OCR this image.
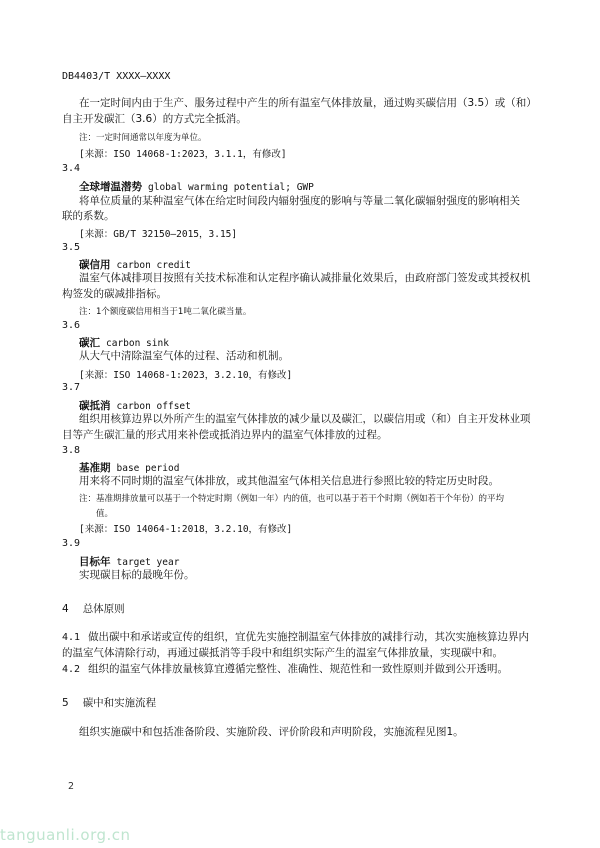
DB4403/T XXXX—XXXX
在一定时间内由于生产、服务过程中产生的所有温室气体排放量，通过购买碳信用（3.5）或（和）
自主开发碳汇（3.6）的方式完全抵消。
注：一定时间通常以年度为单位。
[来源：ISO 14068-1:2023，3.1.1，有修改]
3.4
全球增温潜势 global warming potential; GWP
将单位质量的某种温室气体在给定时间段内辐射强度的影响与等量二氧化碳辐射强度的影响相关
联的系数。
[来源：GB/T 32150—2015，3.15]
3.5
碳信用 carbon credit
温室气体减排项目按照有关技术标准和认定程序确认减排量化效果后，由政府部门签发或其授权机
构签发的碳减排指标。
注：1个额度碳信用相当于1吨二氧化碳当量。
3.6
碳汇 carbon sink
从大气中清除温室气体的过程、活动和机制。
[来源：ISO 14068-1:2023，3.2.10，有修改]
3.7
碳抵消 carbon offset
组织用核算边界以外所产生的温室气体排放的减少量以及碳汇，以碳信用或（和）自主开发林业项
目等产生碳汇量的形式用来补偿或抵消边界内的温室气体排放的过程。
3.8
基准期 base period
用来将不同时期的温室气体排放，或其他温室气体相关信息进行参照比较的特定历史时段。
注：基准期排放量可以基于一个特定时期（例如一年）内的值，也可以基于若干个时期（例如若干个年份）的平均
值。
[来源：ISO 14064-1:2018，3.2.10，有修改]
3.9
目标年 target year
实现碳目标的最晚年份。
4 总体原则
4.1 做出碳中和承诺或宣传的组织，宜优先实施控制温室气体排放的减排行动，其次实施核算边界内
的温室气体清除行动，再通过碳抵消等手段中和组织实际产生的温室气体排放量，实现碳中和。
4.2 组织的温室气体排放量核算宜遵循完整性、准确性、规范性和一致性原则并做到公开透明。
5 碳中和实施流程
组织实施碳中和包括准备阶段、实施阶段、评价阶段和声明阶段，实施流程见图1。
2
tanguanli.org.cn
